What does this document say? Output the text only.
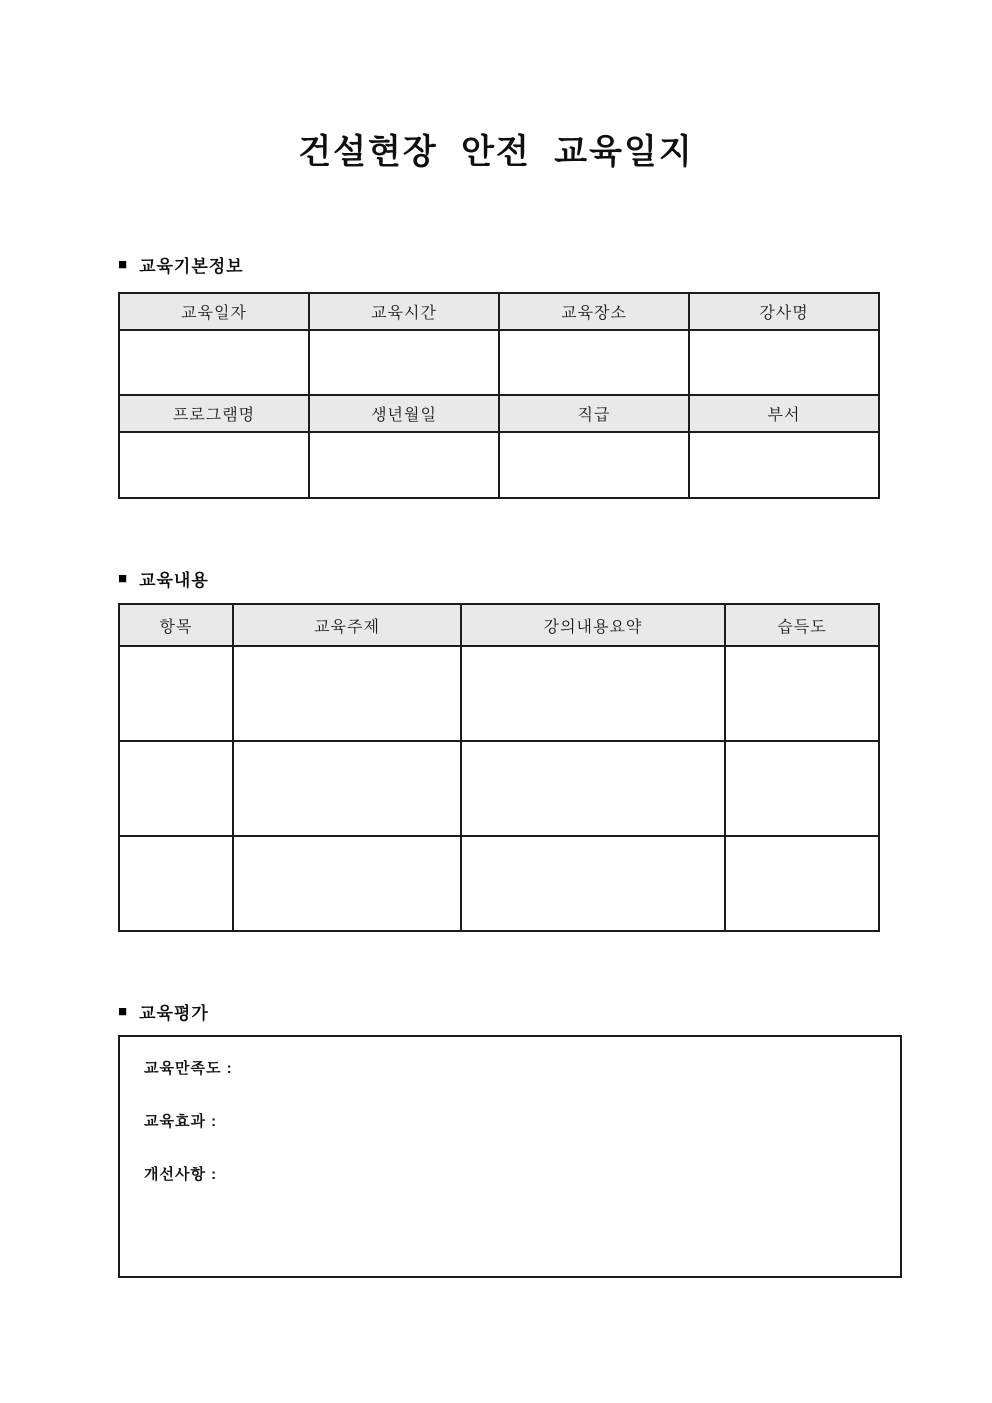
건설현장 안전 교육일지
■ 교육기본정보
교육일자	교육시간	교육장소	강사명

프로그램명	생년월일	직급	부서

■ 교육내용
항목	교육주제	강의내용요약	습득도

■ 교육평가
교육만족도 :
교육효과 :
개선사항 :
